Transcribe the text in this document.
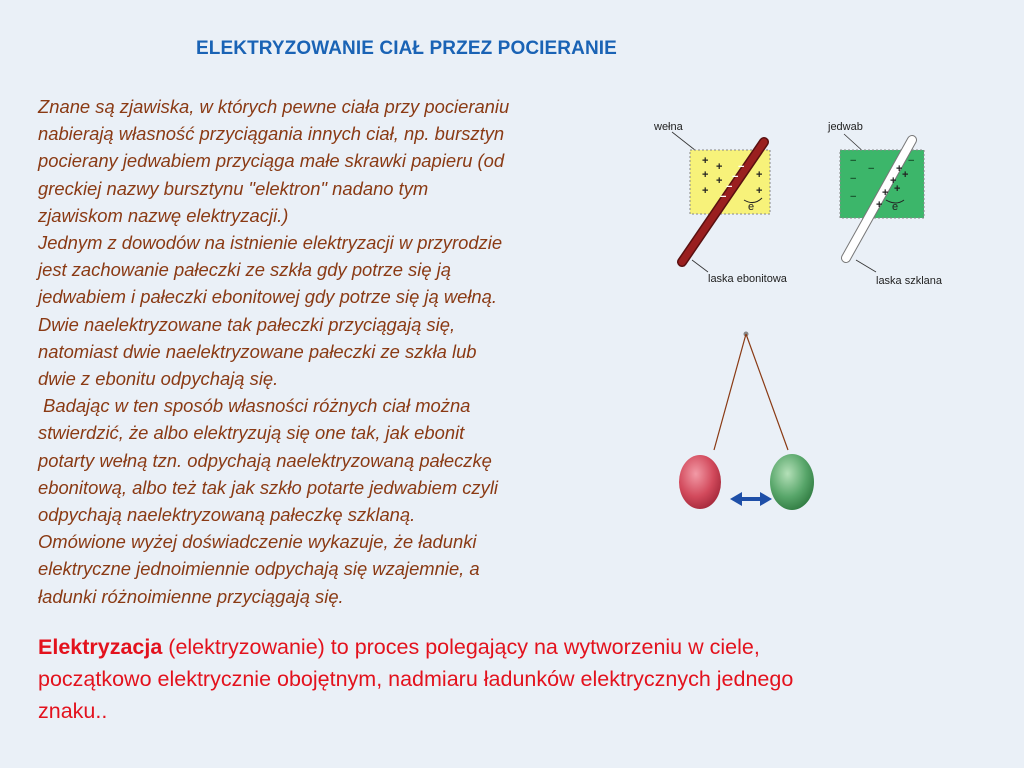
ELEKTRYZOWANIE CIAŁ PRZEZ POCIERANIE
Znane są zjawiska, w których pewne ciała przy pocieraniu
nabierają własność przyciągania innych ciał, np. bursztyn
pocierany jedwabiem przyciąga małe skrawki papieru (od
greckiej nazwy bursztynu "elektron" nadano tym
zjawiskom nazwę elektryzacji.)
Jednym z dowodów na istnienie elektryzacji w przyrodzie
jest zachowanie pałeczki ze szkła gdy potrze się ją
jedwabiem i pałeczki ebonitowej gdy potrze się ją wełną.
Dwie naelektryzowane tak pałeczki przyciągają się,
natomiast dwie naelektryzowane pałeczki ze szkła lub
dwie z ebonitu odpychają się.
Badając w ten sposób własności różnych ciał można
stwierdzić, że albo elektryzują się one tak, jak ebonit
potarty wełną tzn. odpychają naelektryzowaną pałeczkę
ebonitową, albo też tak jak szkło potarte jedwabiem czyli
odpychają naelektryzowaną pałeczkę szklaną.
Omówione wyżej doświadczenie wykazuje, że ładunki
elektryczne jednoimiennie odpychają się wzajemnie, a
ładunki różnoimienne przyciągają się.
wełna
+ +
+ +
+
+
+
−
−
−
−
e
laska ebonitowa
jedwab
−
−
−
−
−
+
+
+
+
+
+
e
laska szklana
Elektryzacja (elektryzowanie) to proces polegający na wytworzeniu w ciele,
początkowo elektrycznie obojętnym, nadmiaru ładunków elektrycznych jednego
znaku..
